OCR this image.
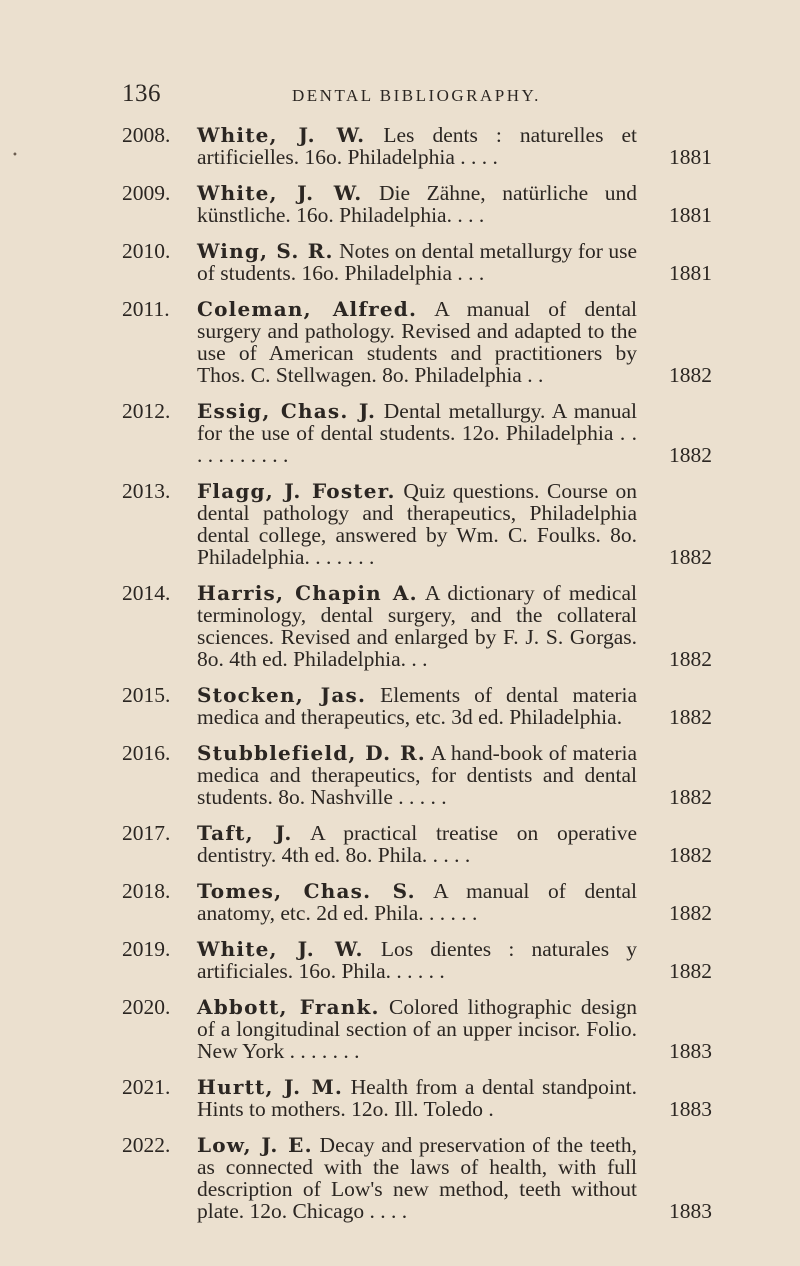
136	DENTAL BIBLIOGRAPHY.
2008. White, J. W. Les dents : naturelles et artificielles. 16o. Philadelphia . . . .	1881
2009. White, J. W. Die Zähne, natürliche und künstliche. 16o. Philadelphia. . . .	1881
2010. Wing, S. R. Notes on dental metallurgy for use of students. 16o. Philadelphia . . .	1881
2011. Coleman, Alfred. A manual of dental surgery and pathology. Revised and adapted to the use of American students and practitioners by Thos. C. Stellwagen. 8o. Philadelphia . .	1882
2012. Essig, Chas. J. Dental metallurgy. A manual for the use of dental students. 12o. Philadelphia . . . . . . . . . . .	1882
2013. Flagg, J. Foster. Quiz questions. Course on dental pathology and therapeutics, Philadelphia dental college, answered by Wm. C. Foulks. 8o. Philadelphia. . . . . . .	1882
2014. Harris, Chapin A. A dictionary of medical terminology, dental surgery, and the collateral sciences. Revised and enlarged by F. J. S. Gorgas. 8o. 4th ed. Philadelphia. . .	1882
2015. Stocken, Jas. Elements of dental materia medica and therapeutics, etc. 3d ed. Philadelphia.	1882
2016. Stubblefield, D. R. A hand-book of materia medica and therapeutics, for dentists and dental students. 8o. Nashville . . . . .	1882
2017. Taft, J. A practical treatise on operative dentistry. 4th ed. 8o. Phila. . . . .	1882
2018. Tomes, Chas. S. A manual of dental anatomy, etc. 2d ed. Phila. . . . . .	1882
2019. White, J. W. Los dientes : naturales y artificiales. 16o. Phila. . . . . .	1882
2020. Abbott, Frank. Colored lithographic design of a longitudinal section of an upper incisor. Folio. New York . . . . . . .	1883
2021. Hurtt, J. M. Health from a dental standpoint. Hints to mothers. 12o. Ill. Toledo .	1883
2022. Low, J. E. Decay and preservation of the teeth, as connected with the laws of health, with full description of Low's new method, teeth without plate. 12o. Chicago . . . .	1883
•
